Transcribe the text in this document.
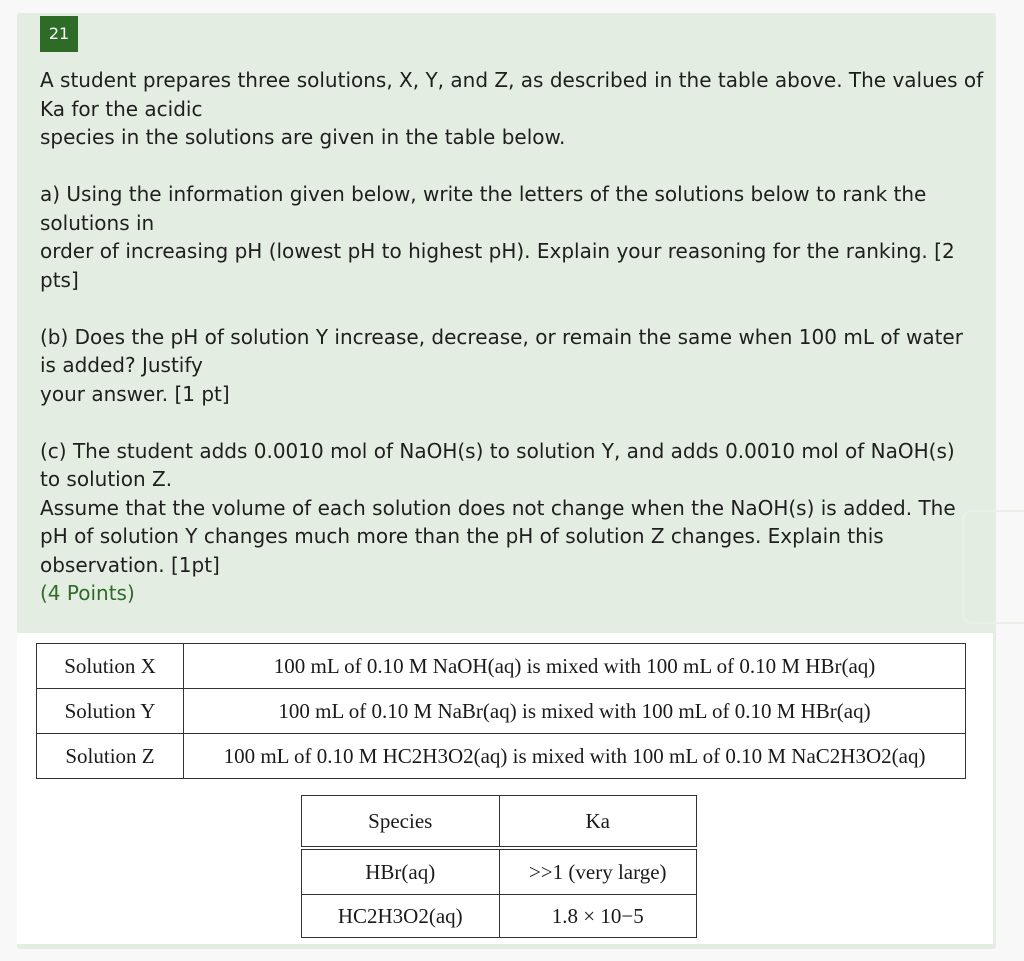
21
A student prepares three solutions, X, Y, and Z, as described in the table above. The values of
Ka for the acidic
species in the solutions are given in the table below.
a) Using the information given below, write the letters of the solutions below to rank the
solutions in
order of increasing pH (lowest pH to highest pH). Explain your reasoning for the ranking. [2
pts]
(b) Does the pH of solution Y increase, decrease, or remain the same when 100 mL of water
is added? Justify
your answer. [1 pt]
(c) The student adds 0.0010 mol of NaOH(s) to solution Y, and adds 0.0010 mol of NaOH(s)
to solution Z.
Assume that the volume of each solution does not change when the NaOH(s) is added. The
pH of solution Y changes much more than the pH of solution Z changes. Explain this
observation. [1pt]
(4 Points)
Solution X	100 mL of 0.10 M NaOH(aq) is mixed with 100 mL of 0.10 M HBr(aq)
Solution Y	100 mL of 0.10 M NaBr(aq) is mixed with 100 mL of 0.10 M HBr(aq)
Solution Z	100 mL of 0.10 M HC2H3O2(aq) is mixed with 100 mL of 0.10 M NaC2H3O2(aq)
Species	Ka
HBr(aq)	>>1 (very large)
HC2H3O2(aq)	1.8 × 10−5
